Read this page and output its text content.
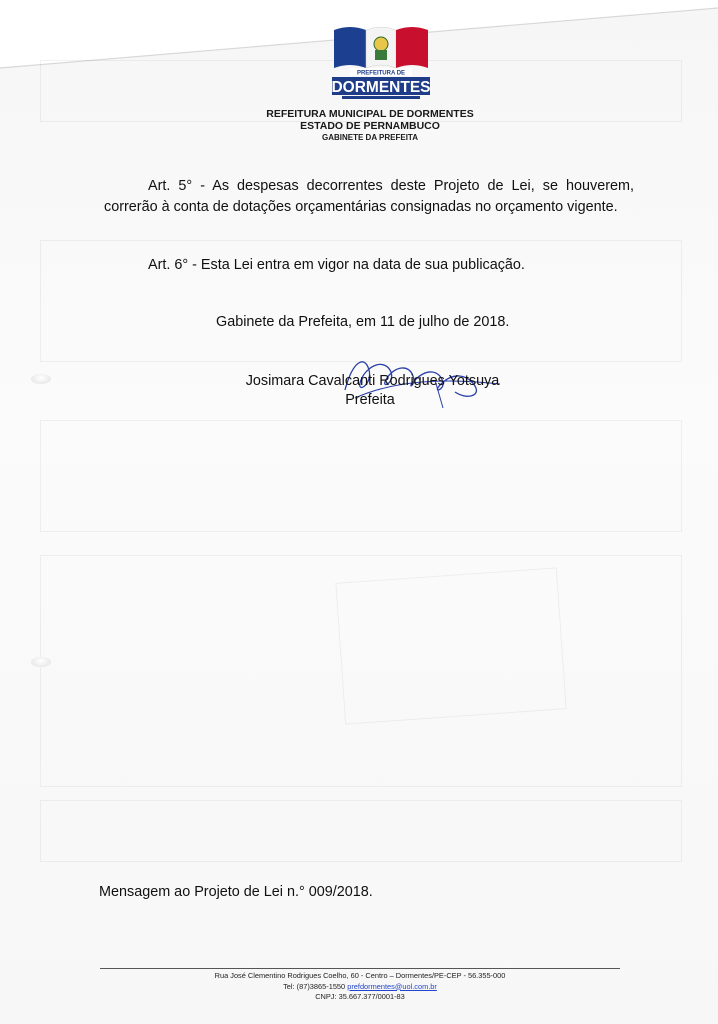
PREFEITURA DE
DORMENTES
REFEITURA MUNICIPAL DE DORMENTES
ESTADO DE PERNAMBUCO
GABINETE DA PREFEITA
Art. 5° - As despesas decorrentes deste Projeto de Lei, se houverem, correrão à conta de dotações orçamentárias consignadas no orçamento vigente.
Art. 6° - Esta Lei entra em vigor na data de sua publicação.
Gabinete da Prefeita, em 11 de julho de 2018.
Josimara Cavalcanti Rodrigues Yotsuya
Prefeita
Mensagem ao Projeto de Lei n.° 009/2018.
Rua José Clementino Rodrigues Coelho, 60 - Centro – Dormentes/PE-CEP - 56.355-000
Tel: (87)3865-1550 prefdormentes@uol.com.br
CNPJ: 35.667.377/0001-83
